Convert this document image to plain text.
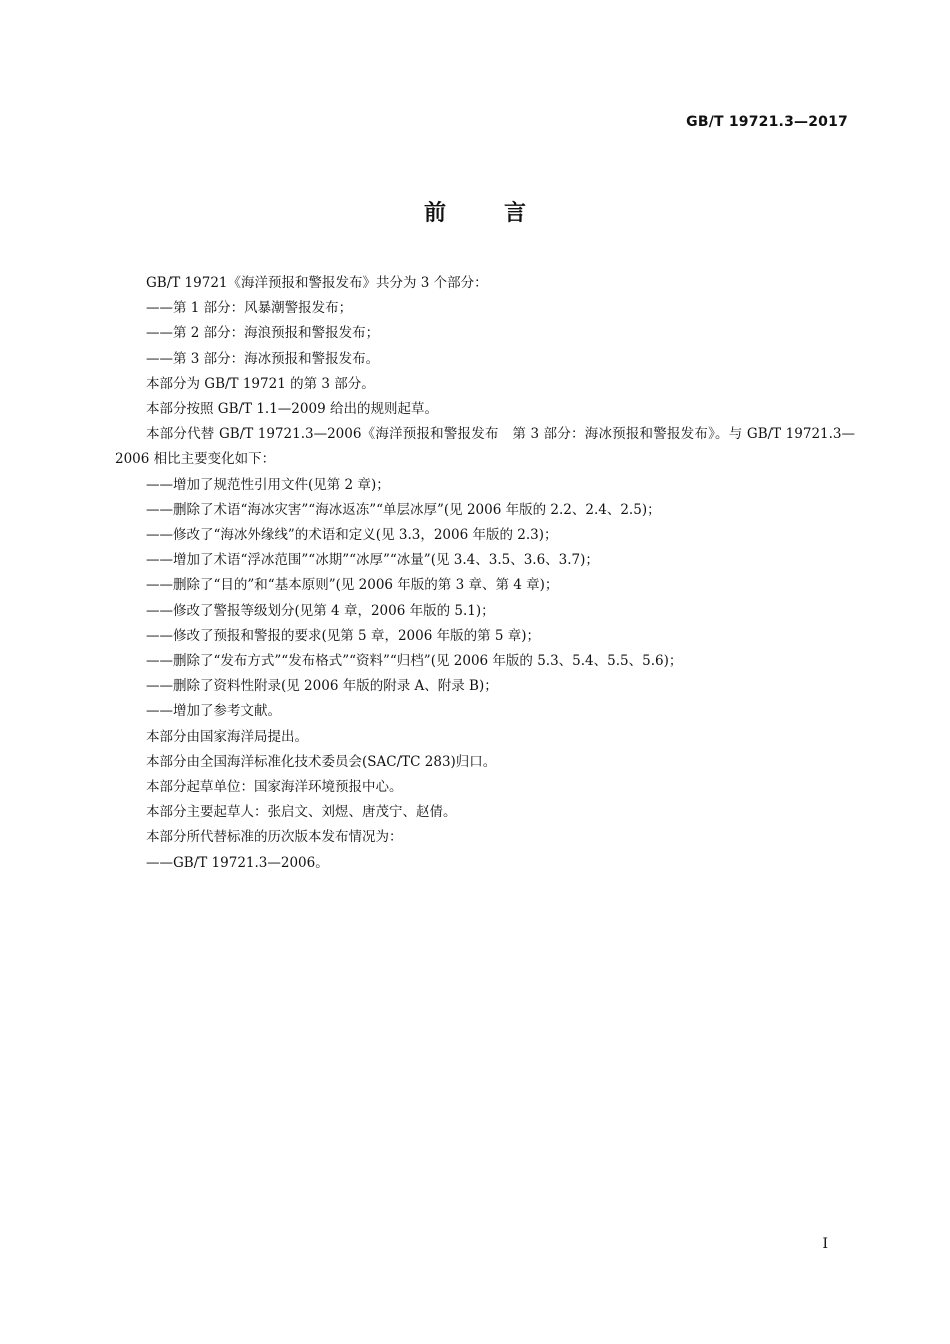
GB/T 19721.3—2017
前言

GB/T 19721《海洋预报和警报发布》共分为 3 个部分：

——第 1 部分：风暴潮警报发布；

——第 2 部分：海浪预报和警报发布；

——第 3 部分：海冰预报和警报发布。

本部分为 GB/T 19721 的第 3 部分。

本部分按照 GB/T 1.1—2009 给出的规则起草。

本部分代替 GB/T 19721.3—2006《海洋预报和警报发布　第 3 部分：海冰预报和警报发布》。与 GB/T 19721.3—2006 相比主要变化如下：

——增加了规范性引用文件(见第 2 章)；

——删除了术语“海冰灾害”“海冰返冻”“单层冰厚”(见 2006 年版的 2.2、2.4、2.5)；

——修改了“海冰外缘线”的术语和定义(见 3.3，2006 年版的 2.3)；

——增加了术语“浮冰范围”“冰期”“冰厚”“冰量”(见 3.4、3.5、3.6、3.7)；

——删除了“目的”和“基本原则”(见 2006 年版的第 3 章、第 4 章)；

——修改了警报等级划分(见第 4 章，2006 年版的 5.1)；

——修改了预报和警报的要求(见第 5 章，2006 年版的第 5 章)；

——删除了“发布方式”“发布格式”“资料”“归档”(见 2006 年版的 5.3、5.4、5.5、5.6)；

——删除了资料性附录(见 2006 年版的附录 A、附录 B)；

——增加了参考文献。

本部分由国家海洋局提出。

本部分由全国海洋标准化技术委员会(SAC/TC 283)归口。

本部分起草单位：国家海洋环境预报中心。

本部分主要起草人：张启文、刘煜、唐茂宁、赵倩。

本部分所代替标准的历次版本发布情况为：

——GB/T 19721.3—2006。

I
